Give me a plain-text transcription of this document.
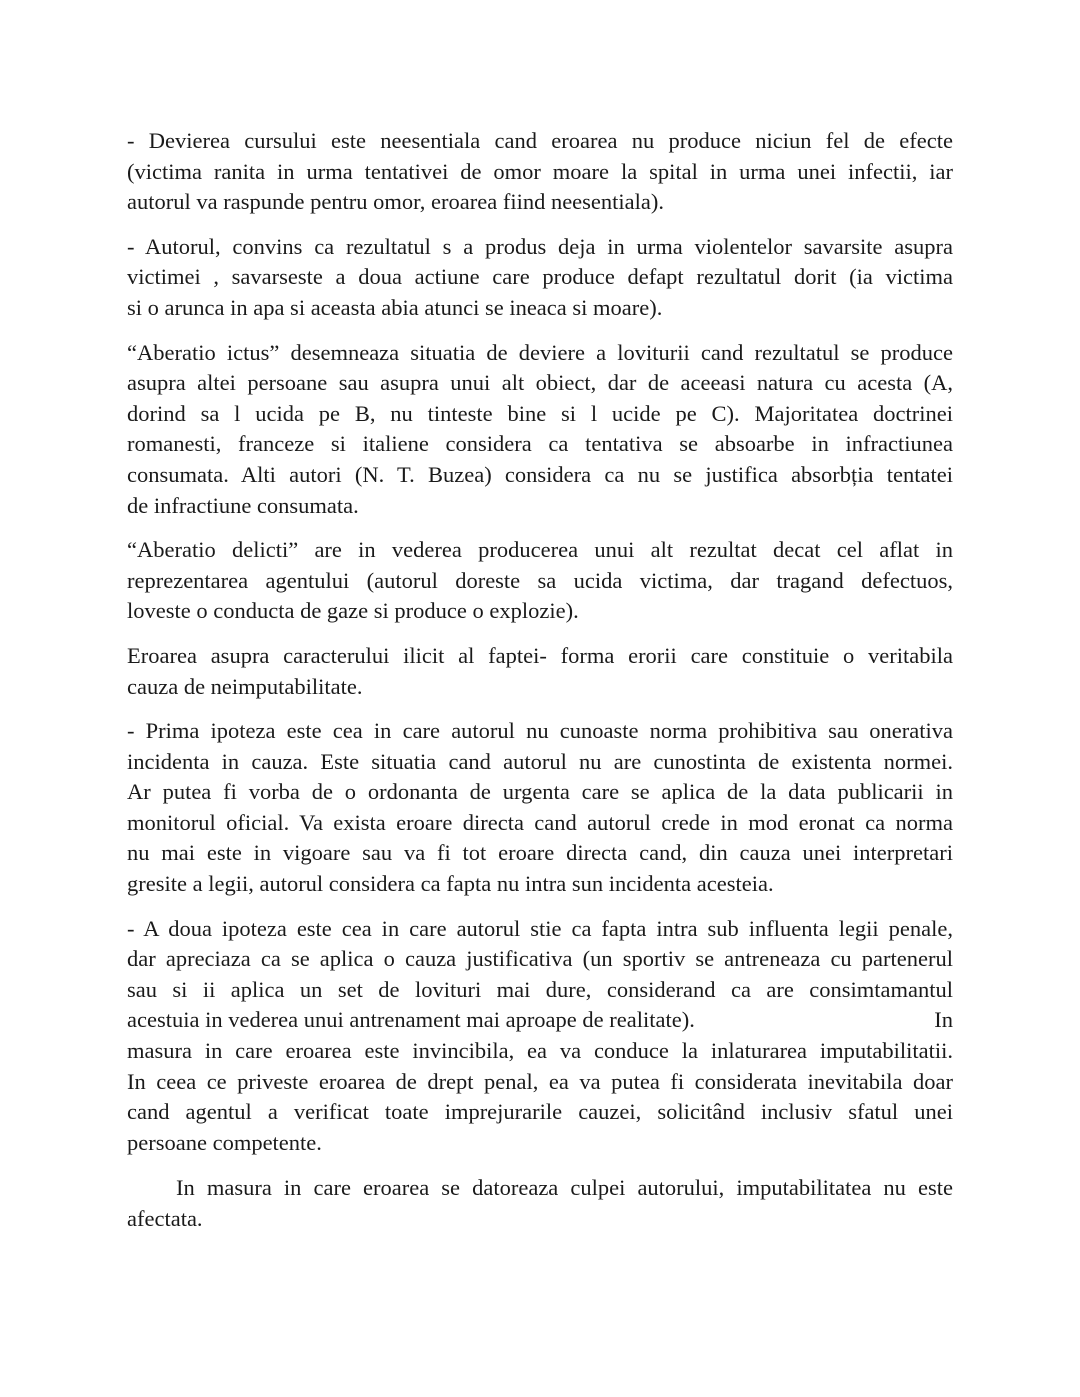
- Devierea cursului este neesentiala cand eroarea nu produce niciun fel de efecte
(victima ranita in urma tentativei de omor moare la spital in urma unei infectii, iar
autorul va raspunde pentru omor, eroarea fiind neesentiala).

- Autorul, convins ca rezultatul s a produs deja in urma violentelor savarsite asupra
victimei , savarseste a doua actiune care produce defapt rezultatul dorit (ia victima
si o arunca in apa si aceasta abia atunci se ineaca si moare).

“Aberatio ictus” desemneaza situatia de deviere a loviturii cand rezultatul se produce
asupra altei persoane sau asupra unui alt obiect, dar de aceeasi natura cu acesta (A,
dorind sa l ucida pe B, nu tinteste bine si l ucide pe C). Majoritatea doctrinei
romanesti, franceze si italiene considera ca tentativa se absoarbe in infractiunea
consumata. Alti autori (N. T. Buzea) considera ca nu se justifica absorbția tentatei
de infractiune consumata.

“Aberatio delicti” are in vederea producerea unui alt rezultat decat cel aflat in
reprezentarea agentului (autorul doreste sa ucida victima, dar tragand defectuos,
loveste o conducta de gaze si produce o explozie).

Eroarea asupra caracterului ilicit al faptei- forma erorii care constituie o veritabila
cauza de neimputabilitate.

- Prima ipoteza este cea in care autorul nu cunoaste norma prohibitiva sau onerativa
incidenta in cauza. Este situatia cand autorul nu are cunostinta de existenta normei.
Ar putea fi vorba de o ordonanta de urgenta care se aplica de la data publicarii in
monitorul oficial. Va exista eroare directa cand autorul crede in mod eronat ca norma
nu mai este in vigoare sau va fi tot eroare directa cand, din cauza unei interpretari
gresite a legii, autorul considera ca fapta nu intra sun incidenta acesteia.

- A doua ipoteza este cea in care autorul stie ca fapta intra sub influenta legii penale,
dar apreciaza ca se aplica o cauza justificativa (un sportiv se antreneaza cu partenerul
sau si ii aplica un set de lovituri mai dure, considerand ca are consimtamantul
acestuia in vederea unui antrenament mai aproape de realitate).	In
masura in care eroarea este invincibila, ea va conduce la inlaturarea imputabilitatii.
In ceea ce priveste eroarea de drept penal, ea va putea fi considerata inevitabila doar
cand agentul a verificat toate imprejurarile cauzei, solicitând inclusiv sfatul unei
persoane competente.

In masura in care eroarea se datoreaza culpei autorului, imputabilitatea nu este
afectata.
